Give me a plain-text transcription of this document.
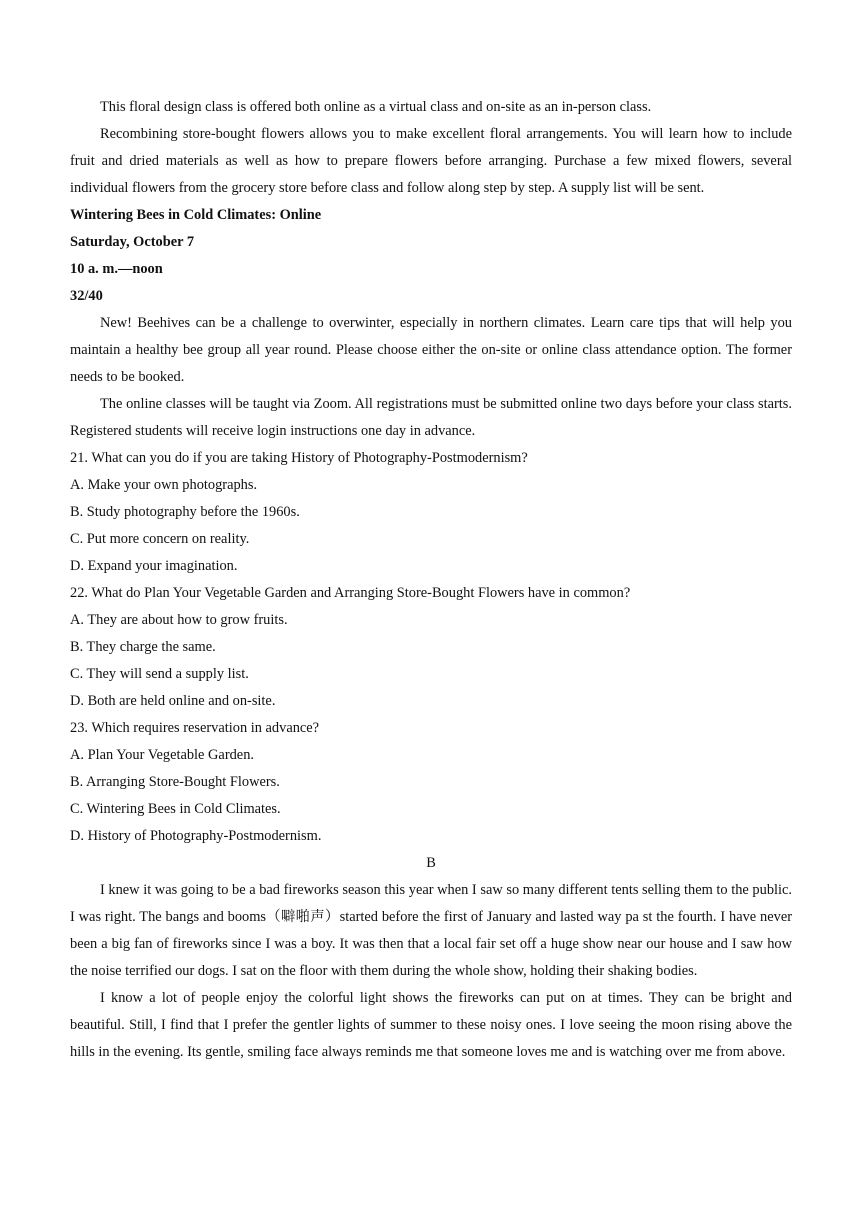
This floral design class is offered both online as a virtual class and on-site as an in-person class.

Recombining store-bought flowers allows you to make excellent floral arrangements. You will learn how to include fruit and dried materials as well as how to prepare flowers before arranging. Purchase a few mixed flowers, several individual flowers from the grocery store before class and follow along step by step. A supply list will be sent.

Wintering Bees in Cold Climates: Online

Saturday, October 7

10 a. m.—noon

32/40

New! Beehives can be a challenge to overwinter, especially in northern climates. Learn care tips that will help you maintain a healthy bee group all year round. Please choose either the on-site or online class attendance option. The former needs to be booked.

The online classes will be taught via Zoom. All registrations must be submitted online two days before your class starts. Registered students will receive login instructions one day in advance.

21. What can you do if you are taking History of Photography-Postmodernism?

A. Make your own photographs.

B. Study photography before the 1960s.

C. Put more concern on reality.

D. Expand your imagination.

22. What do Plan Your Vegetable Garden and Arranging Store-Bought Flowers have in common?

A. They are about how to grow fruits.

B. They charge the same.

C. They will send a supply list.

D. Both are held online and on-site.

23. Which requires reservation in advance?

A. Plan Your Vegetable Garden.

B. Arranging Store-Bought Flowers.

C. Wintering Bees in Cold Climates.

D. History of Photography-Postmodernism.

B

I knew it was going to be a bad fireworks season this year when I saw so many different tents selling them to the public. I was right. The bangs and booms（噼啪声）started before the first of January and lasted way pa st the fourth. I have never been a big fan of fireworks since I was a boy. It was then that a local fair set off a huge show near our house and I saw how the noise terrified our dogs. I sat on the floor with them during the whole show, holding their shaking bodies.

I know a lot of people enjoy the colorful light shows the fireworks can put on at times. They can be bright and beautiful. Still, I find that I prefer the gentler lights of summer to these noisy ones. I love seeing the moon rising above the hills in the evening. Its gentle, smiling face always reminds me that someone loves me and is watching over me from above.
